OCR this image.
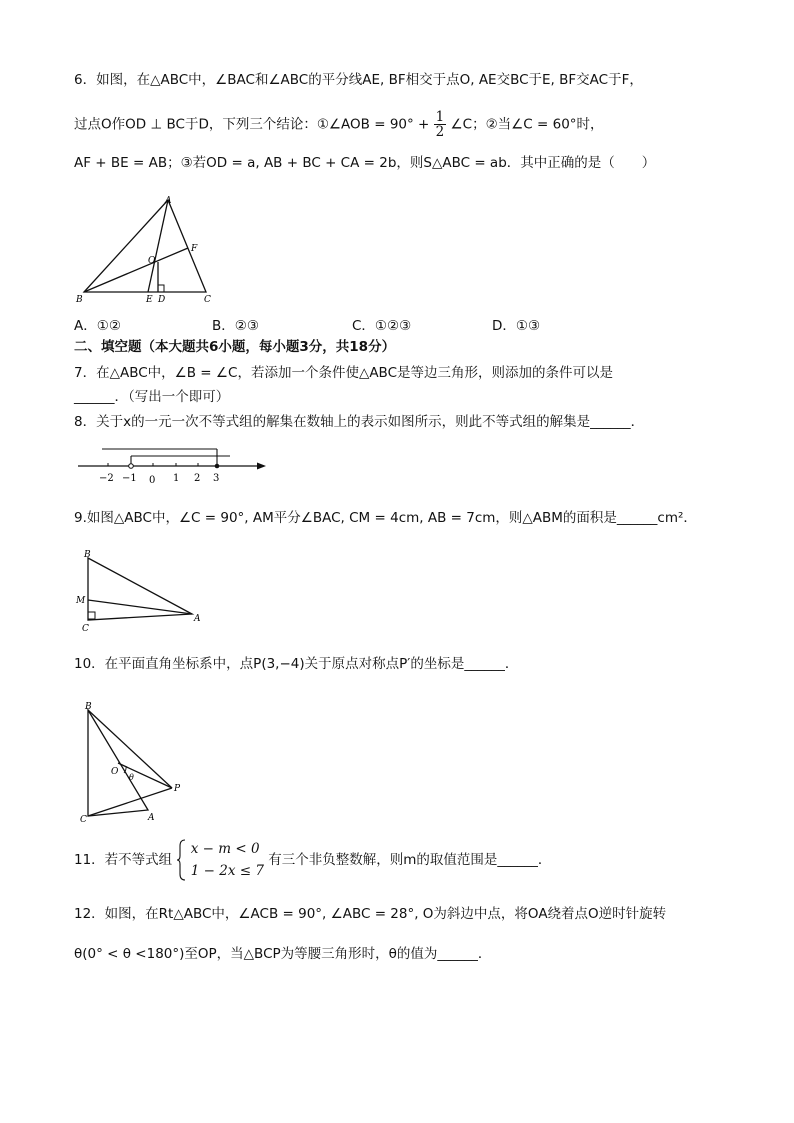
6．如图，在△ABC中，∠BAC和∠ABC的平分线AE, BF相交于点O, AE交BC于E, BF交AC于F，
过点O作OD ⊥ BC于D，下列三个结论：①∠AOB = $90^\circ + \frac{1}{2}$ ∠C；②当∠C = 60°时，
AF + BE = AB；③若OD = a, AB + BC + CA = 2b，则S△ABC = ab．其中正确的是（　　）
A
B	C
E D
F
O
A．①②	B．②③	C．①②③	D．①③
二、填空题（本大题共6小题，每小题3分，共18分）
7．在△ABC中，∠B = ∠C，若添加一个条件使△ABC是等边三角形，则添加的条件可以是
______．（写出一个即可）
8．关于x的一元一次不等式组的解集在数轴上的表示如图所示，则此不等式组的解集是______．
−2 −1 0 1 2 3
9.如图△ABC中，∠C = 90°, AM平分∠BAC, CM = 4cm, AB = 7cm，则△ABM的面积是______cm²．
B
M
C
A
10．在平面直角坐标系中，点P(3,−4)关于原点对称点P′的坐标是______．
B
O
θ
P
C	A
11．若不等式组
x − m < 0
1 − 2x ≤ 7
有三个非负整数解，则m的取值范围是______．
12．如图，在Rt△ABC中，∠ACB = 90°, ∠ABC = 28°, O为斜边中点，将OA绕着点O逆时针旋转
θ(0° < θ <180°)至OP，当△BCP为等腰三角形时，θ的值为______．
